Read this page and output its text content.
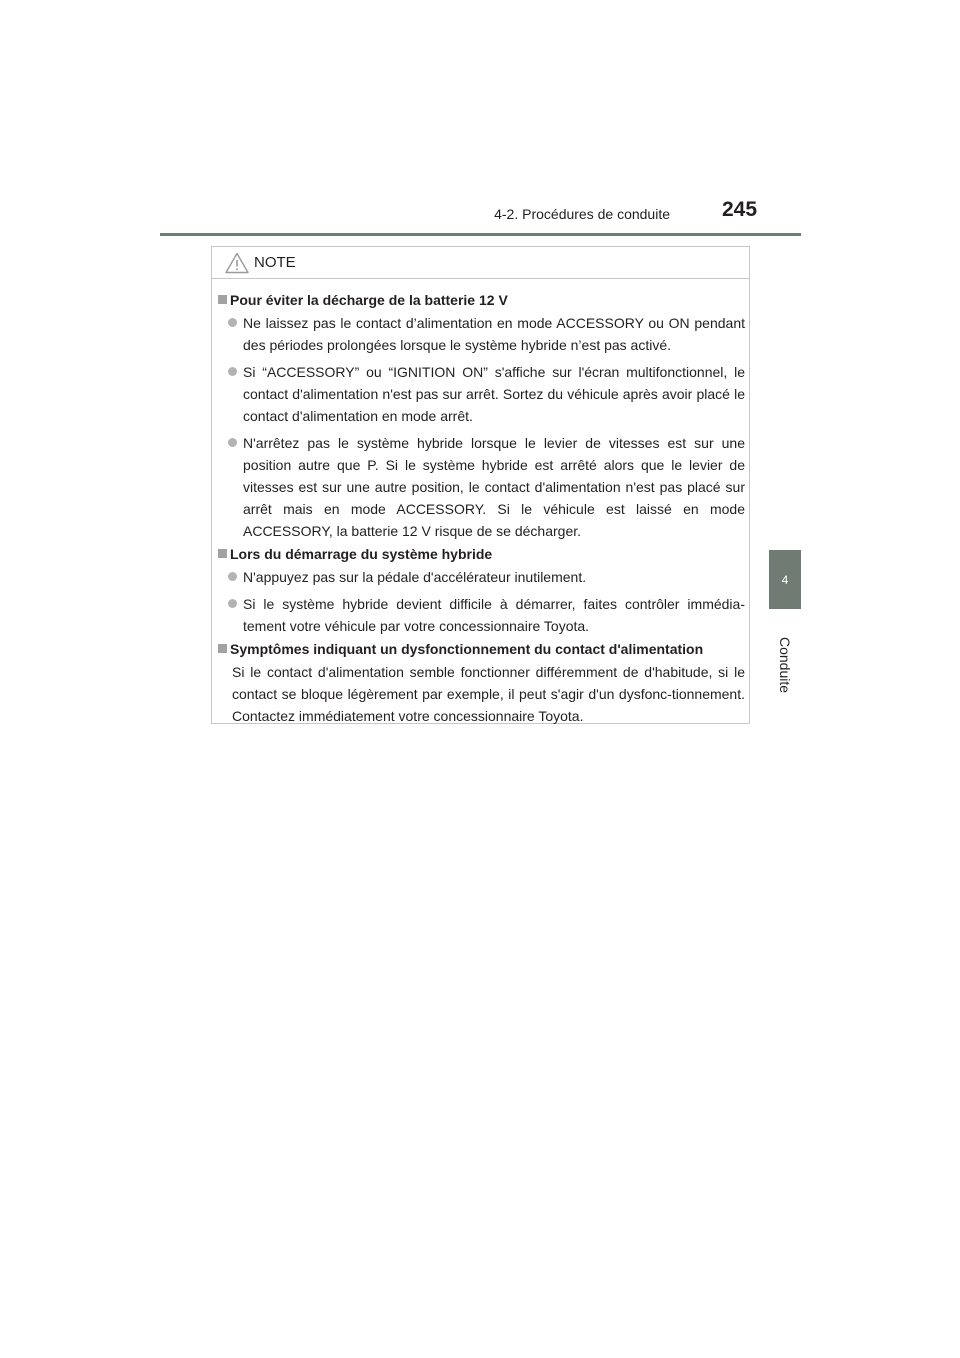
4-2. Procédures de conduite 245
4
Conduite
NOTE
Pour éviter la décharge de la batterie 12 V
Ne laissez pas le contact d’alimentation en mode ACCESSORY ou ON pendant des périodes prolongées lorsque le système hybride n’est pas activé.
Si “ACCESSORY” ou “IGNITION ON” s'affiche sur l'écran multifonctionnel, le contact d'alimentation n'est pas sur arrêt. Sortez du véhicule après avoir placé le contact d'alimentation en mode arrêt.
N'arrêtez pas le système hybride lorsque le levier de vitesses est sur une position autre que P. Si le système hybride est arrêté alors que le levier de vitesses est sur une autre position, le contact d'alimentation n'est pas placé sur arrêt mais en mode ACCESSORY. Si le véhicule est laissé en mode ACCESSORY, la batterie 12 V risque de se décharger.
Lors du démarrage du système hybride
N'appuyez pas sur la pédale d'accélérateur inutilement.
Si le système hybride devient difficile à démarrer, faites contrôler immédia-tement votre véhicule par votre concessionnaire Toyota.
Symptômes indiquant un dysfonctionnement du contact d'alimentation
Si le contact d'alimentation semble fonctionner différemment de d'habitude, si le contact se bloque légèrement par exemple, il peut s'agir d'un dysfonc-tionnement. Contactez immédiatement votre concessionnaire Toyota.
